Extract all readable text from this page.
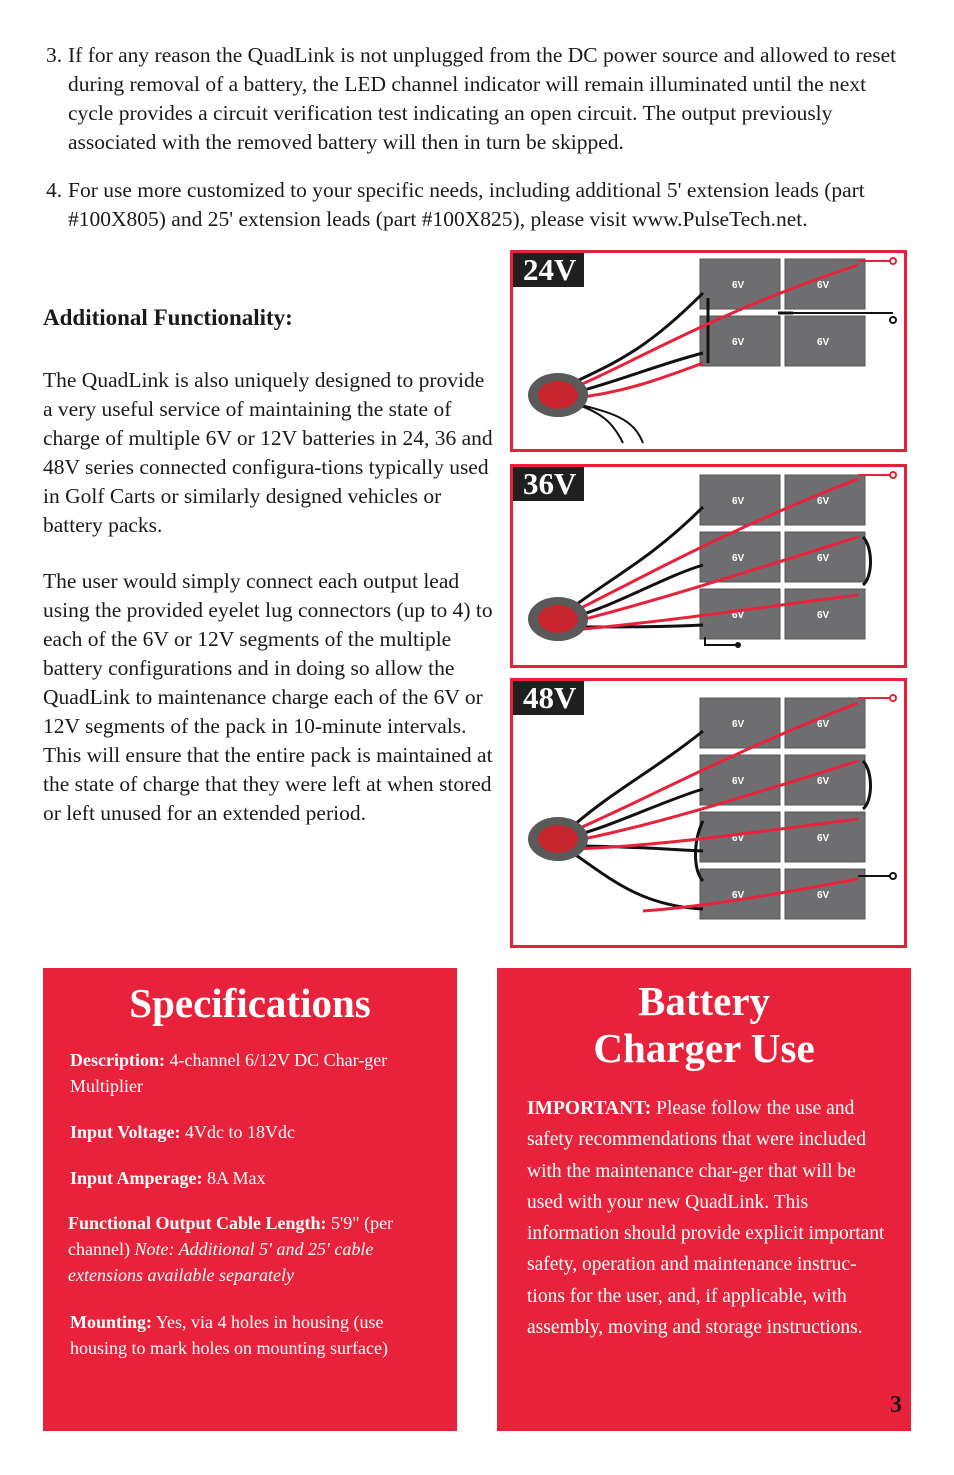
3. If for any reason the QuadLink is not unplugged from the DC power source and allowed to reset during removal of a battery, the LED channel indicator will remain illuminated until the next cycle provides a circuit verification test indicating an open circuit. The output previously associated with the removed battery will then in turn be skipped.
4. For use more customized to your specific needs, including additional 5' extension leads (part #100X805) and 25' extension leads (part #100X825), please visit www.PulseTech.net.
Additional Functionality:
The QuadLink is also uniquely designed to provide a very useful service of maintaining the state of charge of multiple 6V or 12V batteries in 24, 36 and 48V series connected configura-tions typically used in Golf Carts or similarly designed vehicles or battery packs.
The user would simply connect each output lead using the provided eyelet lug connectors (up to 4) to each of the 6V or 12V segments of the multiple battery configurations and in doing so allow the QuadLink to maintenance charge each of the 6V or 12V segments of the pack in 10-minute intervals. This will ensure that the entire pack is maintained at the state of charge that they were left at when stored or left unused for an extended period.
6V	6V
6V	6V
24V
6V	6V
6V	6V
6V	6V
36V
6V	6V
6V	6V
6V	6V
6V	6V
48V
Specifications
Description: 4-channel 6/12V DC Char-ger Multiplier
Input Voltage: 4Vdc to 18Vdc
Input Amperage: 8A Max
Functional Output Cable Length: 5'9" (per channel) Note: Additional 5' and 25' cable extensions available separately
Mounting: Yes, via 4 holes in housing (use housing to mark holes on mounting surface)
Battery
Charger Use
IMPORTANT: Please follow the use and safety recommendations that were included with the maintenance char-ger that will be used with your new QuadLink. This information should provide explicit important safety, operation and maintenance instruc-tions for the user, and, if applicable, with assembly, moving and storage instructions.
3
